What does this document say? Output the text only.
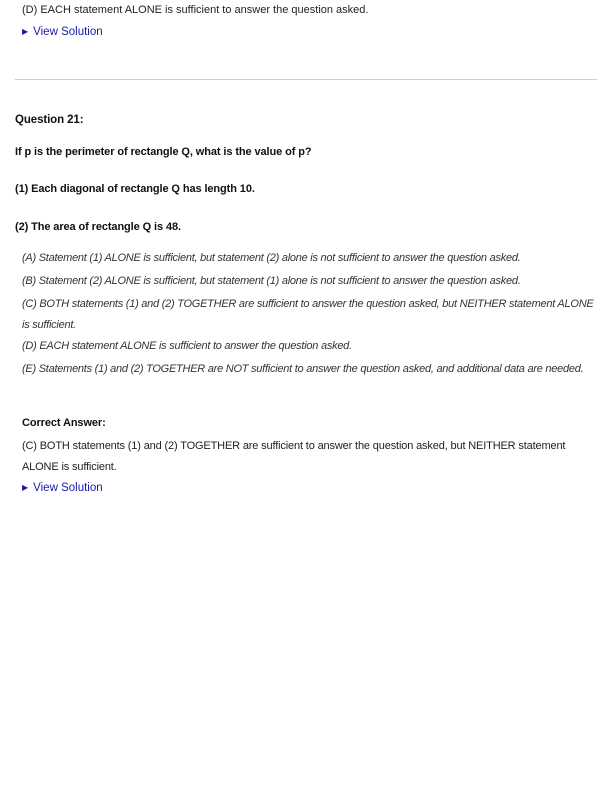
(D) EACH statement ALONE is sufficient to answer the question asked.
▶ View Solution
Question 21:
If p is the perimeter of rectangle Q, what is the value of p?
(1) Each diagonal of rectangle Q has length 10.
(2) The area of rectangle Q is 48.
(A) Statement (1) ALONE is sufficient, but statement (2) alone is not sufficient to answer the question asked.
(B) Statement (2) ALONE is sufficient, but statement (1) alone is not sufficient to answer the question asked.
(C) BOTH statements (1) and (2) TOGETHER are sufficient to answer the question asked, but NEITHER statement ALONE is sufficient.
(D) EACH statement ALONE is sufficient to answer the question asked.
(E) Statements (1) and (2) TOGETHER are NOT sufficient to answer the question asked, and additional data are needed.
Correct Answer:
(C) BOTH statements (1) and (2) TOGETHER are sufficient to answer the question asked, but NEITHER statement ALONE is sufficient.
▶ View Solution
